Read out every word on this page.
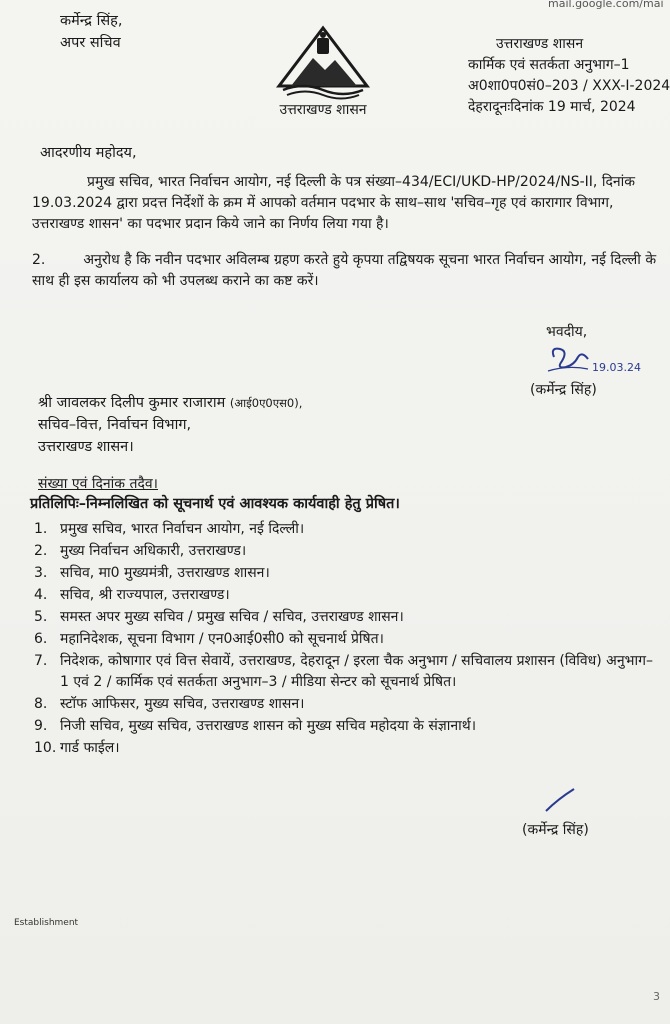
mail.google.com/mai
कर्मेन्द्र सिंह,
अपर सचिव
उत्तराखण्ड शासन
उत्तराखण्ड शासन
कार्मिक एवं सतर्कता अनुभाग–1
अ0शा0प0सं0–203 / XXX-I-2024
देहरादूनःदिनांक 19 मार्च, 2024
आदरणीय महोदय,
प्रमुख सचिव, भारत निर्वाचन आयोग, नई दिल्ली के पत्र संख्या–434/ECI/UKD-HP/2024/NS-II, दिनांक 19.03.2024 द्वारा प्रदत्त निर्देशों के क्रम में आपको वर्तमान पदभार के साथ–साथ 'सचिव–गृह एवं कारागार विभाग, उत्तराखण्ड शासन' का पदभार प्रदान किये जाने का निर्णय लिया गया है।
2.	अनुरोध है कि नवीन पदभार अविलम्ब ग्रहण करते हुये कृपया तद्विषयक सूचना भारत निर्वाचन आयोग, नई दिल्ली के साथ ही इस कार्यालय को भी उपलब्ध कराने का कष्ट करें।
भवदीय,
19.03.24
(कर्मेन्द्र सिंह)
श्री जावलकर दिलीप कुमार राजाराम (आई0ए0एस0),
सचिव–वित्त, निर्वाचन विभाग,
उत्तराखण्ड शासन।
संख्या एवं दिनांक तदैव।
प्रतिलिपिः–निम्नलिखित को सूचनार्थ एवं आवश्यक कार्यवाही हेतु प्रेषित।
1. प्रमुख सचिव, भारत निर्वाचन आयोग, नई दिल्ली।
2. मुख्य निर्वाचन अधिकारी, उत्तराखण्ड।
3. सचिव, मा0 मुख्यमंत्री, उत्तराखण्ड शासन।
4. सचिव, श्री राज्यपाल, उत्तराखण्ड।
5. समस्त अपर मुख्य सचिव / प्रमुख सचिव / सचिव, उत्तराखण्ड शासन।
6. महानिदेशक, सूचना विभाग / एन0आई0सी0 को सूचनार्थ प्रेषित।
7. निदेशक, कोषागार एवं वित्त सेवायें, उत्तराखण्ड, देहरादून / इरला चैक अनुभाग / सचिवालय प्रशासन (विविध) अनुभाग–1 एवं 2 / कार्मिक एवं सतर्कता अनुभाग–3 / मीडिया सेन्टर को सूचनार्थ प्रेषित।
8. स्टॉफ आफिसर, मुख्य सचिव, उत्तराखण्ड शासन।
9. निजी सचिव, मुख्य सचिव, उत्तराखण्ड शासन को मुख्य सचिव महोदया के संज्ञानार्थ।
10. गार्ड फाईल।
(कर्मेन्द्र सिंह)
Establishment
3
